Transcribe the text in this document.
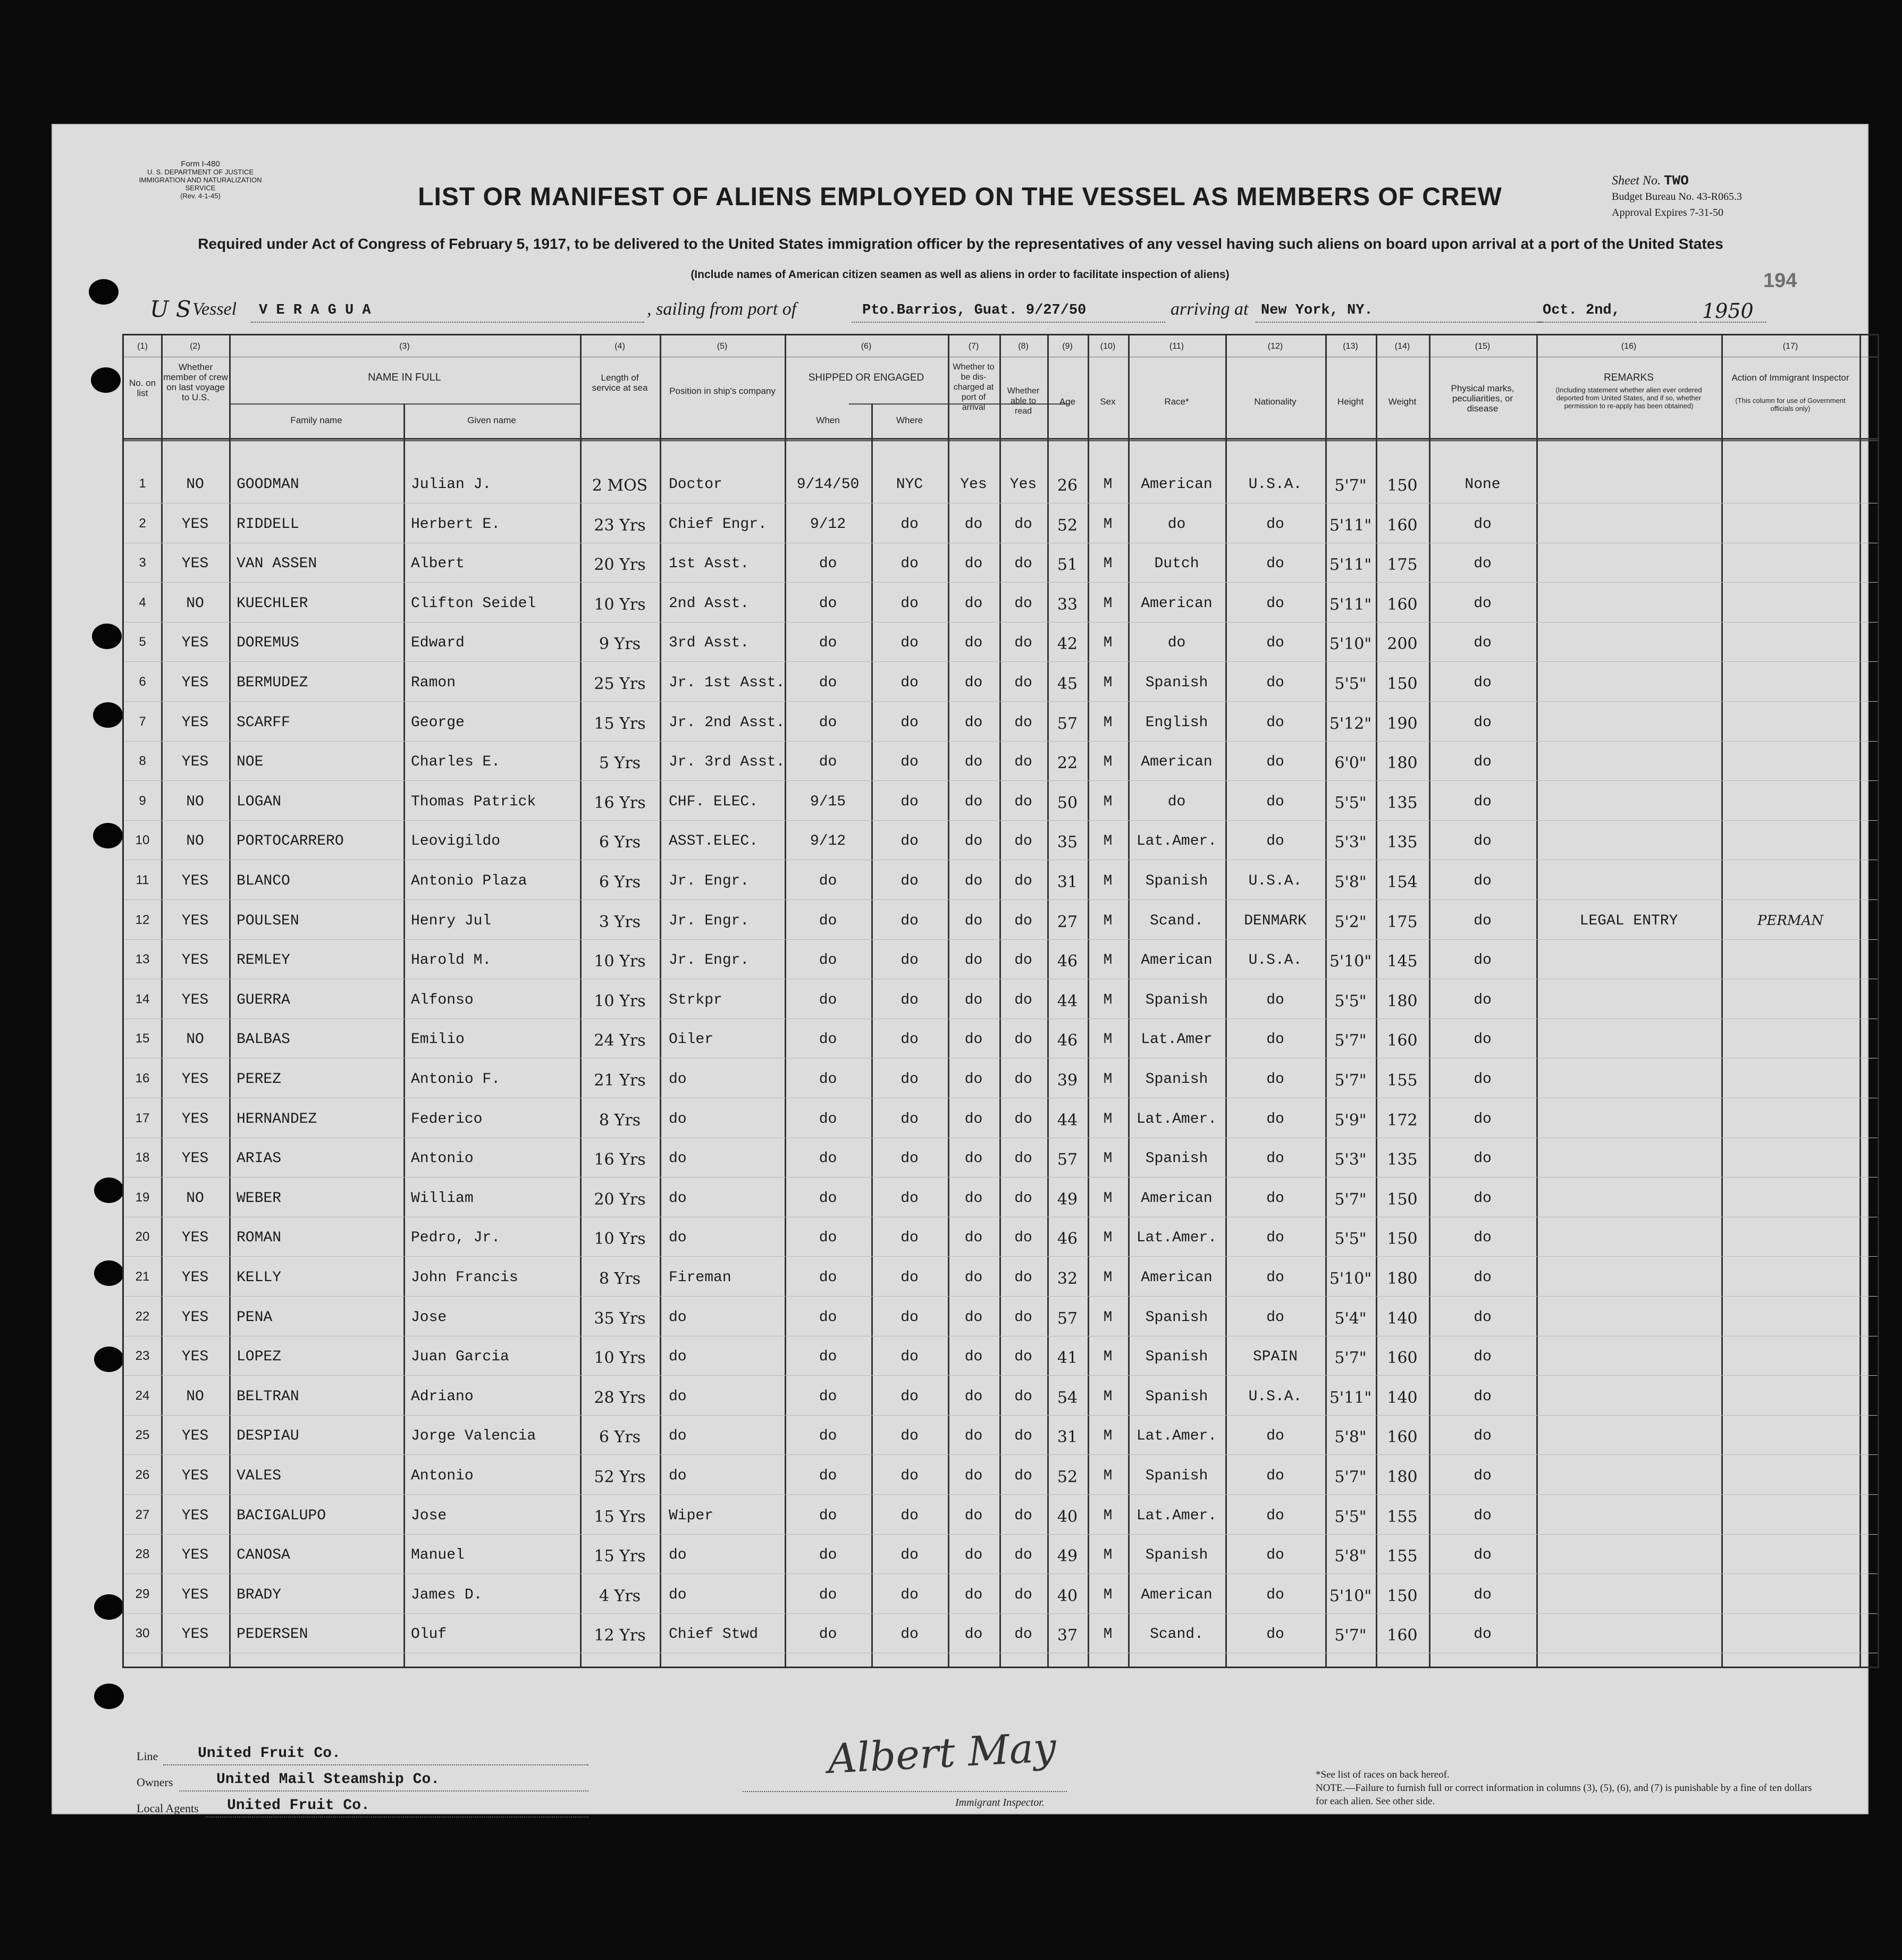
Form I-480
U. S. DEPARTMENT OF JUSTICE
IMMIGRATION AND NATURALIZATION SERVICE
(Rev. 4-1-45)
Sheet No. TWO
Budget Bureau No. 43-R065.3
Approval Expires 7-31-50
194
LIST OR MANIFEST OF ALIENS EMPLOYED ON THE VESSEL AS MEMBERS OF CREW
Required under Act of Congress of February 5, 1917, to be delivered to the United States immigration officer by the representatives of any vessel having such aliens on board upon arrival at a port of the United States
(Include names of American citizen seamen as well as aliens in order to facilitate inspection of aliens)
U S Vessel V E R A G U A	, sailing from port of	Pto.Barrios, Guat. 9/27/50	arriving at New York, NY.	Oct. 2nd,	1950
(1)	(2)	(3)	(4)	(5)	(6)	(7)	(8)	(9)	(10)	(11)	(12)	(13)	(14)	(15)	(16)	(17)
No. on list
Whether member of crew on last voyage to U.S.
NAME IN FULL
Family name	Given name
Length of service at sea	Position in ship's company
SHIPPED OR ENGAGED
When	Where
Whether to be dis-charged at port of arrival
Whether able to read
Age	Sex	Race*	Nationality	Height	Weight
Physical marks, peculiarities, or disease
REMARKS
(Including statement whether alien ever ordered deported from United States, and if so, whether permission to re-apply has been obtained)
Action of Immigrant Inspector
(This column for use of Government officials only)
1	NO	GOODMAN	Julian J.	2 MOS	Doctor	9/14/50	NYC	Yes	Yes	26	M	American	U.S.A.	5'7"	150	None
2	YES	RIDDELL	Herbert E.	23 Yrs	Chief Engr.	9/12	do	do	do	52	M	do	do	5'11" 160	do
3	YES	VAN ASSEN	Albert	20 Yrs	1st Asst.	do	do	do	do	51	M	Dutch	do	5'11" 175	do
4	NO	KUECHLER	Clifton Seidel	10 Yrs	2nd Asst.	do	do	do	do	33	M	American	do	5'11" 160	do
5	YES	DOREMUS	Edward	9 Yrs	3rd Asst.	do	do	do	do	42	M	do	do	5'10" 200	do
6	YES	BERMUDEZ	Ramon	25 Yrs	Jr. 1st Asst.	do	do	do	do	45	M	Spanish	do	5'5"	150	do
7	YES	SCARFF	George	15 Yrs	Jr. 2nd Asst.	do	do	do	do	57	M	English	do	5'12" 190	do
8	YES	NOE	Charles E.	5 Yrs	Jr. 3rd Asst.	do	do	do	do	22	M	American	do	6'0"	180	do
9	NO	LOGAN	Thomas Patrick	16 Yrs	CHF. ELEC.	9/15	do	do	do	50	M	do	do	5'5"	135	do
10	NO	PORTOCARRERO	Leovigildo	6 Yrs	ASST.ELEC.	9/12	do	do	do	35	M	Lat.Amer.	do	5'3"	135	do
11	YES	BLANCO	Antonio Plaza	6 Yrs	Jr. Engr.	do	do	do	do	31	M	Spanish	U.S.A.	5'8"	154	do
12	YES	POULSEN	Henry Jul	3 Yrs	Jr. Engr.	do	do	do	do	27	M	Scand.	DENMARK	5'2"	175	do	LEGAL ENTRY	PERMAN
13	YES	REMLEY	Harold M.	10 Yrs	Jr. Engr.	do	do	do	do	46	M	American	U.S.A.	5'10" 145	do
14	YES	GUERRA	Alfonso	10 Yrs	Strkpr	do	do	do	do	44	M	Spanish	do	5'5"	180	do
15	NO	BALBAS	Emilio	24 Yrs	Oiler	do	do	do	do	46	M	Lat.Amer	do	5'7"	160	do
16	YES	PEREZ	Antonio F.	21 Yrs	do	do	do	do	do	39	M	Spanish	do	5'7"	155	do
17	YES	HERNANDEZ	Federico	8 Yrs	do	do	do	do	do	44	M	Lat.Amer.	do	5'9"	172	do
18	YES	ARIAS	Antonio	16 Yrs	do	do	do	do	do	57	M	Spanish	do	5'3"	135	do
19	NO	WEBER	William	20 Yrs	do	do	do	do	do	49	M	American	do	5'7"	150	do
20	YES	ROMAN	Pedro, Jr.	10 Yrs	do	do	do	do	do	46	M	Lat.Amer.	do	5'5"	150	do
21	YES	KELLY	John Francis	8 Yrs	Fireman	do	do	do	do	32	M	American	do	5'10" 180	do
22	YES	PENA	Jose	35 Yrs	do	do	do	do	do	57	M	Spanish	do	5'4"	140	do
23	YES	LOPEZ	Juan Garcia	10 Yrs	do	do	do	do	do	41	M	Spanish	SPAIN	5'7"	160	do
24	NO	BELTRAN	Adriano	28 Yrs	do	do	do	do	do	54	M	Spanish	U.S.A.	5'11" 140	do
25	YES	DESPIAU	Jorge Valencia	6 Yrs	do	do	do	do	do	31	M	Lat.Amer.	do	5'8"	160	do
26	YES	VALES	Antonio	52 Yrs	do	do	do	do	do	52	M	Spanish	do	5'7"	180	do
27	YES	BACIGALUPO	Jose	15 Yrs	Wiper	do	do	do	do	40	M	Lat.Amer.	do	5'5"	155	do
28	YES	CANOSA	Manuel	15 Yrs	do	do	do	do	do	49	M	Spanish	do	5'8"	155	do
29	YES	BRADY	James D.	4 Yrs	do	do	do	do	do	40	M	American	do	5'10" 150	do
30	YES	PEDERSEN	Oluf	12 Yrs	Chief Stwd	do	do	do	do	37	M	Scand.	do	5'7"	160	do
Line	United Fruit Co.
Owners	United Mail Steamship Co.
Local Agents United Fruit Co.
Albert May
Immigrant Inspector.
*See list of races on back hereof.
NOTE.—Failure to furnish full or correct information in columns (3), (5), (6), and (7) is punishable by a fine of ten dollars for each alien. See other side.
